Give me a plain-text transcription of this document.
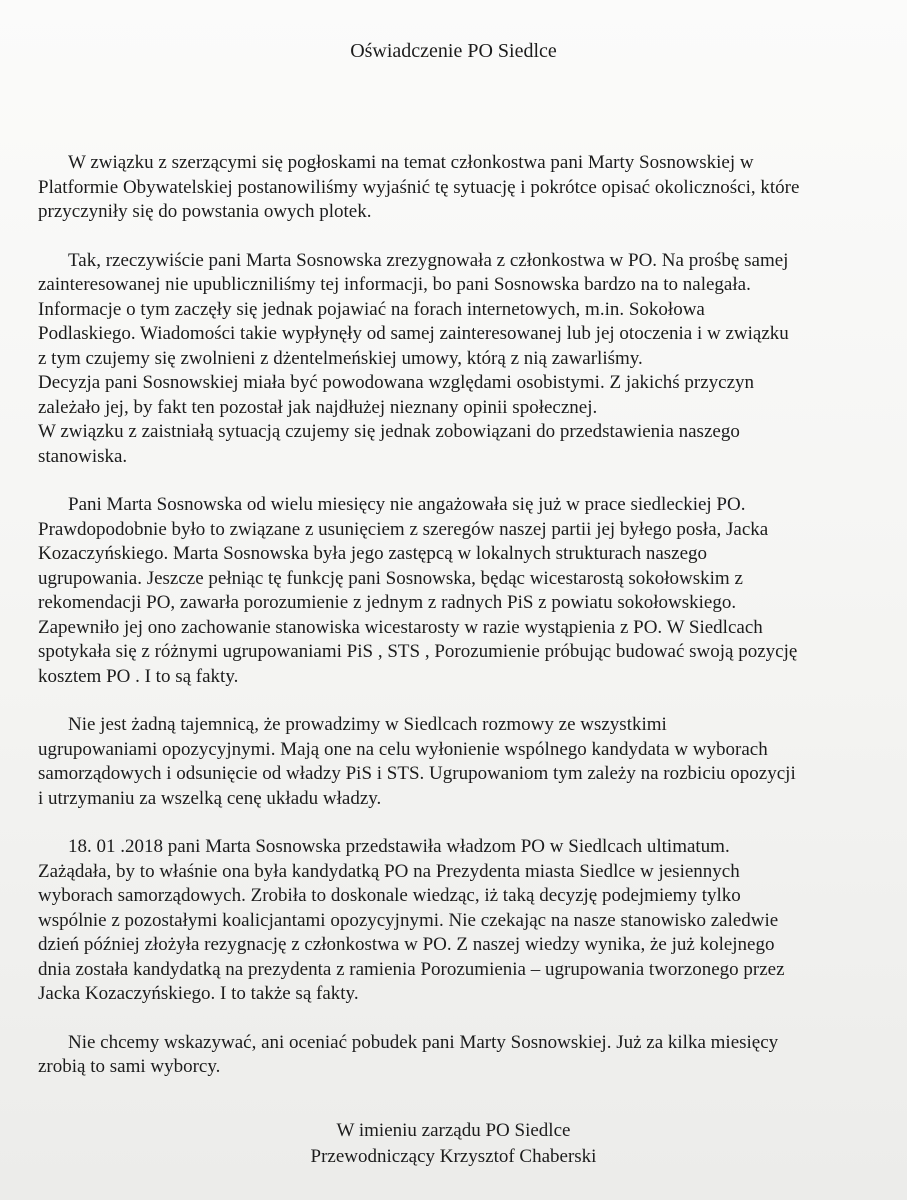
Oświadczenie PO Siedlce

W związku z szerzącymi się pogłoskami na temat członkostwa pani Marty Sosnowskiej w
Platformie Obywatelskiej postanowiliśmy wyjaśnić tę sytuację i pokrótce opisać okoliczności, które
przyczyniły się do powstania owych plotek.

Tak, rzeczywiście pani Marta Sosnowska zrezygnowała z członkostwa w PO. Na prośbę samej
zainteresowanej nie upubliczniliśmy tej informacji, bo pani Sosnowska bardzo na to nalegała.
Informacje o tym zaczęły się jednak pojawiać na forach internetowych, m.in. Sokołowa
Podlaskiego. Wiadomości takie wypłynęły od samej zainteresowanej lub jej otoczenia i w związku
z tym czujemy się zwolnieni z dżentelmeńskiej umowy, którą z nią zawarliśmy.
Decyzja pani Sosnowskiej miała być powodowana względami osobistymi. Z jakichś przyczyn
zależało jej, by fakt ten pozostał jak najdłużej nieznany opinii społecznej.
W związku z zaistniałą sytuacją czujemy się jednak zobowiązani do przedstawienia naszego
stanowiska.

Pani Marta Sosnowska od wielu miesięcy nie angażowała się już w prace siedleckiej PO.
Prawdopodobnie było to związane z usunięciem z szeregów naszej partii jej byłego posła, Jacka
Kozaczyńskiego. Marta Sosnowska była jego zastępcą w lokalnych strukturach naszego
ugrupowania. Jeszcze pełniąc tę funkcję pani Sosnowska, będąc wicestarostą sokołowskim z
rekomendacji PO, zawarła porozumienie z jednym z radnych PiS z powiatu sokołowskiego.
Zapewniło jej ono zachowanie stanowiska wicestarosty w razie wystąpienia z PO. W Siedlcach
spotykała się z różnymi ugrupowaniami PiS , STS , Porozumienie próbując budować swoją pozycję
kosztem PO . I to są fakty.

Nie jest żadną tajemnicą, że prowadzimy w Siedlcach rozmowy ze wszystkimi
ugrupowaniami opozycyjnymi. Mają one na celu wyłonienie wspólnego kandydata w wyborach
samorządowych i odsunięcie od władzy PiS i STS. Ugrupowaniom tym zależy na rozbiciu opozycji
i utrzymaniu za wszelką cenę układu władzy.

18. 01 .2018 pani Marta Sosnowska przedstawiła władzom PO w Siedlcach ultimatum.
Zażądała, by to właśnie ona była kandydatką PO na Prezydenta miasta Siedlce w jesiennych
wyborach samorządowych. Zrobiła to doskonale wiedząc, iż taką decyzję podejmiemy tylko
wspólnie z pozostałymi koalicjantami opozycyjnymi. Nie czekając na nasze stanowisko zaledwie
dzień później złożyła rezygnację z członkostwa w PO. Z naszej wiedzy wynika, że już kolejnego
dnia została kandydatką na prezydenta z ramienia Porozumienia – ugrupowania tworzonego przez
Jacka Kozaczyńskiego. I to także są fakty.

Nie chcemy wskazywać, ani oceniać pobudek pani Marty Sosnowskiej. Już za kilka miesięcy
zrobią to sami wyborcy.

W imieniu zarządu PO Siedlce
Przewodniczący Krzysztof Chaberski
